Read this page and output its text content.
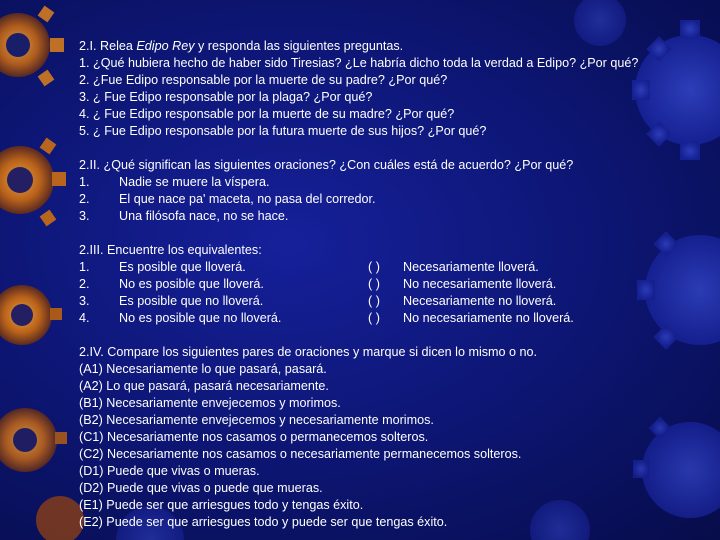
2.I. Relea Edipo Rey y responda las siguientes preguntas.
1. ¿Qué hubiera hecho de haber sido Tiresias? ¿Le habría dicho toda la verdad a Edipo? ¿Por qué?
2. ¿Fue Edipo responsable por la muerte de su padre? ¿Por qué?
3. ¿ Fue Edipo responsable por la plaga? ¿Por qué?
4. ¿ Fue Edipo responsable por la muerte de su madre? ¿Por qué?
5. ¿ Fue Edipo responsable por la futura muerte de sus hijos? ¿Por qué?
2.II. ¿Qué significan las siguientes oraciones? ¿Con cuáles está de acuerdo? ¿Por qué?
1. Nadie se muere la víspera.
2. El que nace pa' maceta, no pasa del corredor.
3. Una filósofa nace, no se hace.
2.III. Encuentre los equivalentes:
1. Es posible que lloverá.	( ) Necesariamente lloverá.
2. No es posible que lloverá.	( ) No necesariamente lloverá.
3. Es posible que no lloverá.	( ) Necesariamente no lloverá.
4. No es posible que no lloverá.	( ) No necesariamente no lloverá.
2.IV. Compare los siguientes pares de oraciones y marque si dicen lo mismo o no.
(A1) Necesariamente lo que pasará, pasará.
(A2) Lo que pasará, pasará necesariamente.
(B1) Necesariamente envejecemos y morimos.
(B2) Necesariamente envejecemos y necesariamente morimos.
(C1) Necesariamente nos casamos o permanecemos solteros.
(C2) Necesariamente nos casamos o necesariamente permanecemos solteros.
(D1) Puede que vivas o mueras.
(D2) Puede que vivas o puede que mueras.
(E1) Puede ser que arriesgues todo y tengas éxito.
(E2) Puede ser que arriesgues todo y puede ser que tengas éxito.
